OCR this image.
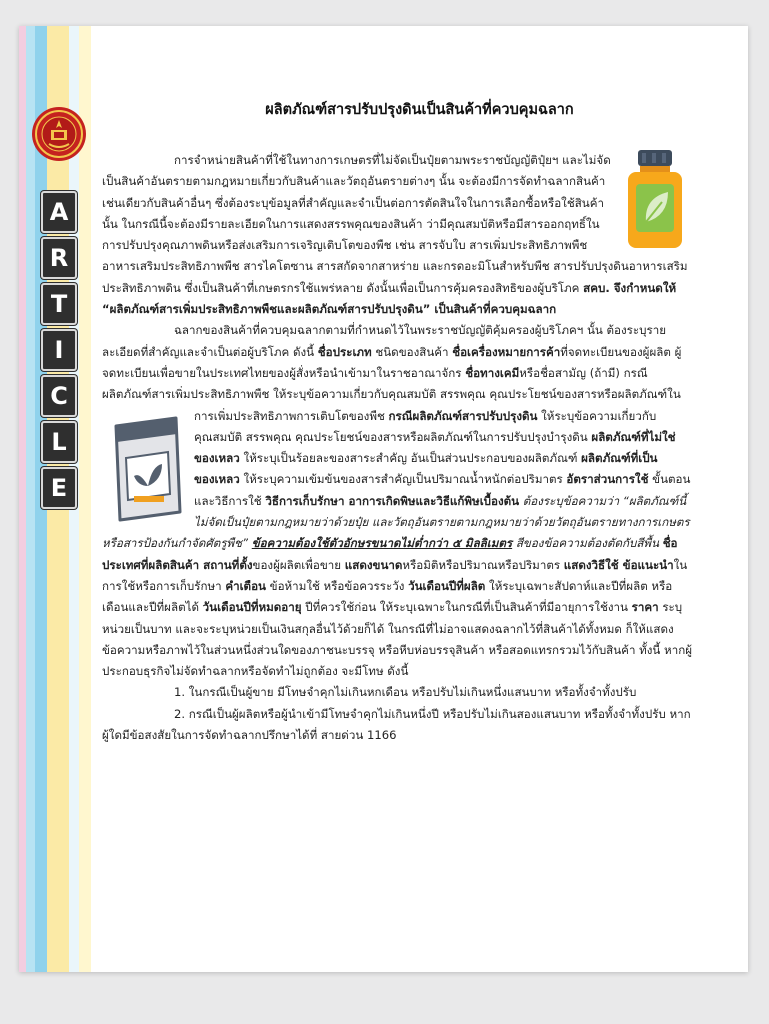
A
R
T
I
C
L
E
ผลิตภัณฑ์สารปรับปรุงดินเป็นสินค้าที่ควบคุมฉลาก

การจำหน่ายสินค้าที่ใช้ในทางการเกษตรที่ไม่จัดเป็นปุ๋ยตามพระราชบัญญัติปุ๋ยฯ และไม่จัดเป็นสินค้าอันตรายตามกฎหมายเกี่ยวกับสินค้าและวัตถุอันตรายต่างๆ นั้น จะต้องมีการจัดทำฉลากสินค้าเช่นเดียวกับสินค้าอื่นๆ ซึ่งต้องระบุข้อมูลที่สำคัญและจำเป็นต่อการตัดสินใจในการเลือกซื้อหรือใช้สินค้านั้น ในกรณีนี้จะต้องมีรายละเอียดในการแสดงสรรพคุณของสินค้า ว่ามีคุณสมบัติหรือมีสารออกฤทธิ์ในการปรับปรุงคุณภาพดินหรือส่งเสริมการเจริญเติบโตของพืช เช่น สารจับใบ สารเพิ่มประสิทธิภาพพืช อาหารเสริมประสิทธิภาพพืช สารไคโตซาน สารสกัดจากสาหร่าย และกรดอะมิโนสำหรับพืช สารปรับปรุงดินอาหารเสริมประสิทธิภาพดิน ซึ่งเป็นสินค้าที่เกษตรกรใช้แพร่หลาย ดังนั้นเพื่อเป็นการคุ้มครองสิทธิของผู้บริโภค สคบ. จึงกำหนดให้ “ผลิตภัณฑ์สารเพิ่มประสิทธิภาพพืชและผลิตภัณฑ์สารปรับปรุงดิน” เป็นสินค้าที่ควบคุมฉลาก

ฉลากของสินค้าที่ควบคุมฉลากตามที่กำหนดไว้ในพระราชบัญญัติคุ้มครองผู้บริโภคฯ นั้น ต้องระบุรายละเอียดที่สำคัญและจำเป็นต่อผู้บริโภค ดังนี้ ชื่อประเภท ชนิดของสินค้า ชื่อเครื่องหมายการค้าที่จดทะเบียนของผู้ผลิต ผู้จดทะเบียนเพื่อขายในประเทศไทยของผู้สั่งหรือนำเข้ามาในราชอาณาจักร ชื่อทางเคมีหรือชื่อสามัญ (ถ้ามี) กรณีผลิตภัณฑ์สารเพิ่มประสิทธิภาพพืช ให้ระบุข้อความเกี่ยวกับคุณสมบัติ สรรพคุณ คุณประโยชน์ของสารหรือผลิตภัณฑ์ในการเพิ่มประสิทธิภาพการเติบโตของพืช กรณีผลิตภัณฑ์สารปรับปรุงดิน ให้ระบุข้อความเกี่ยวกับคุณสมบัติ สรรพคุณ คุณประโยชน์ของสารหรือผลิตภัณฑ์ในการปรับปรุงบำรุงดิน ผลิตภัณฑ์ที่ไม่ใช่ของเหลว ให้ระบุเป็นร้อยละของสาระสำคัญ อันเป็นส่วนประกอบของผลิตภัณฑ์ ผลิตภัณฑ์ที่เป็นของเหลว ให้ระบุความเข้มข้นของสารสำคัญเป็นปริมาณน้ำหนักต่อปริมาตร อัตราส่วนการใช้ ขั้นตอน และวิธีการใช้ วิธีการเก็บรักษา อาการเกิดพิษและวิธีแก้พิษเบื้องต้น ต้องระบุข้อความว่า “ผลิตภัณฑ์นี้ไม่จัดเป็นปุ๋ยตามกฎหมายว่าด้วยปุ๋ย และวัตถุอันตรายตามกฎหมายว่าด้วยวัตถุอันตรายทางการเกษตร หรือสารป้องกันกำจัดศัตรูพืช” ข้อความต้องใช้ตัวอักษรขนาดไม่ต่ำกว่า ๕ มิลลิเมตร สีของข้อความต้องตัดกับสีพื้น ชื่อประเทศที่ผลิตสินค้า สถานที่ตั้งของผู้ผลิตเพื่อขาย แสดงขนาดหรือมิติหรือปริมาณหรือปริมาตร แสดงวิธีใช้ ข้อแนะนำในการใช้หรือการเก็บรักษา คำเตือน ข้อห้ามใช้ หรือข้อควรระวัง วันเดือนปีที่ผลิต ให้ระบุเฉพาะสัปดาห์และปีที่ผลิต หรือเดือนและปีที่ผลิตได้ วันเดือนปีที่หมดอายุ ปีที่ควรใช้ก่อน ให้ระบุเฉพาะในกรณีที่เป็นสินค้าที่มีอายุการใช้งาน ราคา ระบุหน่วยเป็นบาท และจะระบุหน่วยเป็นเงินสกุลอื่นไว้ด้วยก็ได้ ในกรณีที่ไม่อาจแสดงฉลากไว้ที่สินค้าได้ทั้งหมด ก็ให้แสดงข้อความหรือภาพไว้ในส่วนหนึ่งส่วนใดของภาชนะบรรจุ หรือหีบห่อบรรจุสินค้า หรือสอดแทรกรวมไว้กับสินค้า ทั้งนี้ หากผู้ประกอบธุรกิจไม่จัดทำฉลากหรือจัดทำไม่ถูกต้อง จะมีโทษ ดังนี้

1. ในกรณีเป็นผู้ขาย มีโทษจำคุกไม่เกินหกเดือน หรือปรับไม่เกินหนึ่งแสนบาท หรือทั้งจำทั้งปรับ

2. กรณีเป็นผู้ผลิตหรือผู้นำเข้ามีโทษจำคุกไม่เกินหนึ่งปี หรือปรับไม่เกินสองแสนบาท หรือทั้งจำทั้งปรับ หากผู้ใดมีข้อสงสัยในการจัดทำฉลากปรึกษาได้ที่ สายด่วน 1166
